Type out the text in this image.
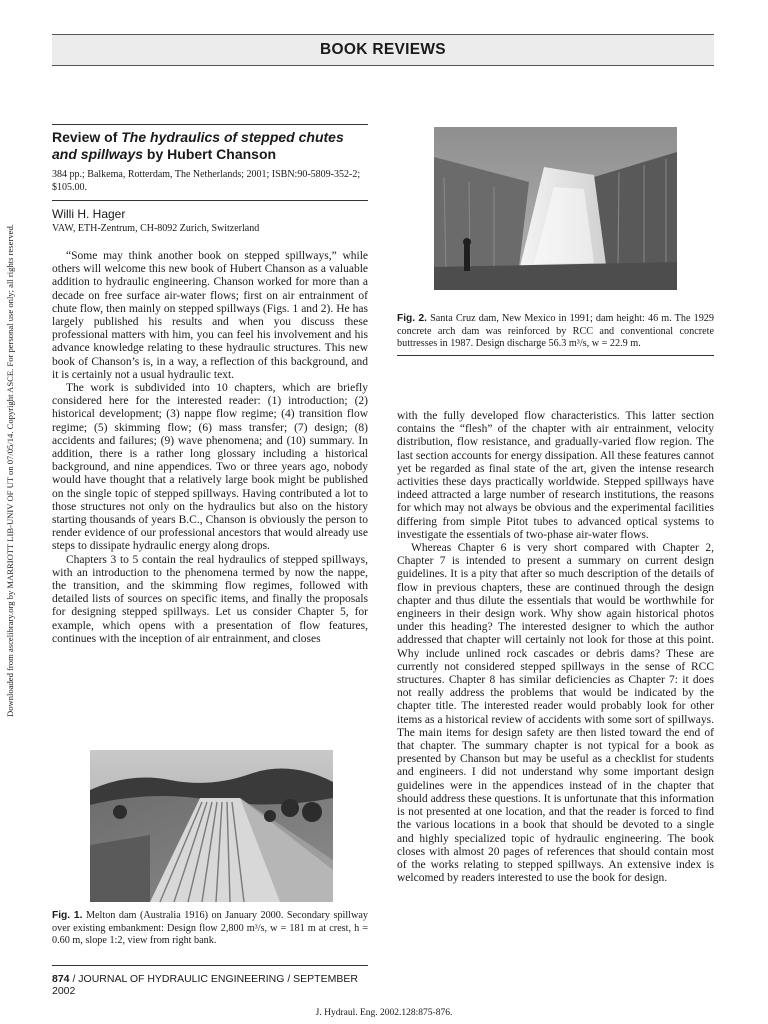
Downloaded from ascelibrary.org by MARRIOTT LIB-UNIV OF UT on 07/05/14. Copyright ASCE. For personal use only; all rights reserved.
BOOK REVIEWS
Review of The hydraulics of stepped chutes and spillways by Hubert Chanson
384 pp.; Balkema, Rotterdam, The Netherlands; 2001; ISBN:90-5809-352-2; $105.00.
Willi H. Hager
VAW, ETH-Zentrum, CH-8092 Zurich, Switzerland

“Some may think another book on stepped spillways,” while others will welcome this new book of Hubert Chanson as a valuable addition to hydraulic engineering. Chanson worked for more than a decade on free surface air-water flows; first on air entrainment of chute flow, then mainly on stepped spillways (Figs. 1 and 2). He has largely published his results and when you discuss these professional matters with him, you can feel his involvement and his advance knowledge relating to these hydraulic structures. This new book of Chanson’s is, in a way, a reflection of this background, and it is certainly not a usual hydraulic text.

The work is subdivided into 10 chapters, which are briefly considered here for the interested reader: (1) introduction; (2) historical development; (3) nappe flow regime; (4) transition flow regime; (5) skimming flow; (6) mass transfer; (7) design; (8) accidents and failures; (9) wave phenomena; and (10) summary. In addition, there is a rather long glossary including a historical background, and nine appendices. Two or three years ago, nobody would have thought that a relatively large book might be published on the single topic of stepped spillways. Having contributed a lot to those structures not only on the hydraulics but also on the history starting thousands of years B.C., Chanson is obviously the person to render evidence of our professional ancestors that would already use steps to dissipate hydraulic energy along drops.

Chapters 3 to 5 contain the real hydraulics of stepped spillways, with an introduction to the phenomena termed by now the nappe, the transition, and the skimming flow regimes, followed with detailed lists of sources on specific items, and finally the proposals for designing stepped spillways. Let us consider Chapter 5, for example, which opens with a presentation of flow features, continues with the inception of air entrainment, and closes

Fig. 1. Melton dam (Australia 1916) on January 2000. Secondary spillway over existing embankment: Design flow 2,800 m³/s, w = 181 m at crest, h = 0.60 m, slope 1:2, view from right bank.
Fig. 2. Santa Cruz dam, New Mexico in 1991; dam height: 46 m. The 1929 concrete arch dam was reinforced by RCC and conventional concrete buttresses in 1987. Design discharge 56.3 m³/s, w = 22.9 m.

with the fully developed flow characteristics. This latter section contains the “flesh” of the chapter with air entrainment, velocity distribution, flow resistance, and gradually-varied flow region. The last section accounts for energy dissipation. All these features cannot yet be regarded as final state of the art, given the intense research activities these days practically worldwide. Stepped spillways have indeed attracted a large number of research institutions, the reasons for which may not always be obvious and the experimental facilities differing from simple Pitot tubes to advanced optical systems to investigate the essentials of two-phase air-water flows.

Whereas Chapter 6 is very short compared with Chapter 2, Chapter 7 is intended to present a summary on current design guidelines. It is a pity that after so much description of the details of flow in previous chapters, these are continued through the design chapter and thus dilute the essentials that would be worthwhile for engineers in their design work. Why show again historical photos under this heading? The interested designer to which the author addressed that chapter will certainly not look for those at this point. Why include unlined rock cascades or debris dams? These are currently not considered stepped spillways in the sense of RCC structures. Chapter 8 has similar deficiencies as Chapter 7: it does not really address the problems that would be indicated by the chapter title. The interested reader would probably look for other items as a historical review of accidents with some sort of spillways. The main items for design safety are then listed toward the end of that chapter. The summary chapter is not typical for a book as presented by Chanson but may be useful as a checklist for students and engineers. I did not understand why some important design guidelines were in the appendices instead of in the chapter that should address these questions. It is unfortunate that this information is not presented at one location, and that the reader is forced to find the various locations in a book that should be devoted to a single and highly specialized topic of hydraulic engineering. The book closes with almost 20 pages of references that should contain most of the works relating to stepped spillways. An extensive index is welcomed by readers interested to use the book for design.

874 / JOURNAL OF HYDRAULIC ENGINEERING / SEPTEMBER 2002
J. Hydraul. Eng. 2002.128:875-876.
